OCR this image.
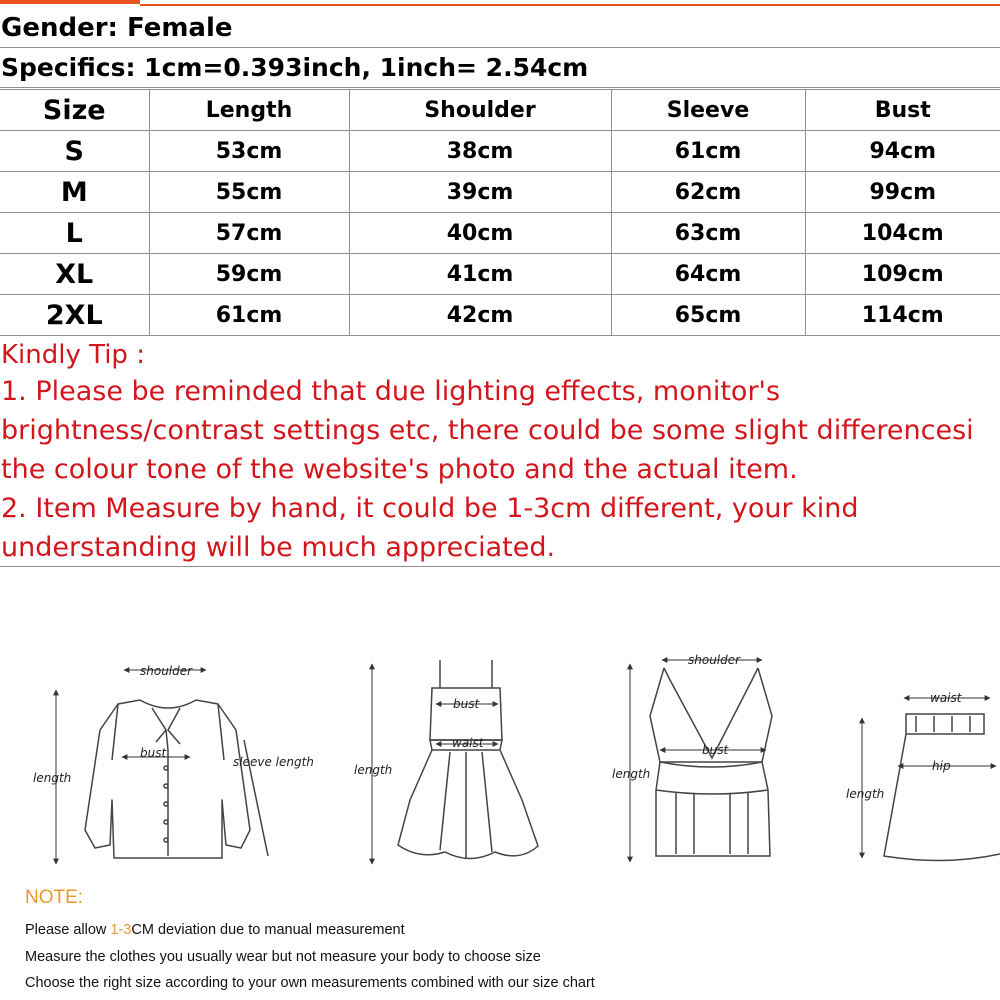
Gender: Female
Specifics: 1cm=0.393inch, 1inch= 2.54cm
Size	Length	Shoulder	Sleeve	Bust
S	53cm	38cm	61cm	94cm
M	55cm	39cm	62cm	99cm
L	57cm	40cm	63cm	104cm
XL	59cm	41cm	64cm	109cm
2XL	61cm	42cm	65cm	114cm
Kindly Tip :
1. Please be reminded that due lighting effects, monitor's
brightness/contrast settings etc, there could be some slight differencesi
the colour tone of the website's photo and the actual item.
2. Item Measure by hand, it could be 1-3cm different, your kind
understanding will be much appreciated.
shoulder
bust
sleeve length
length
bust
waist
length
shoulder
bust
length
waist
hip
length
NOTE:
Please allow 1-3CM deviation due to manual measurement
Measure the clothes you usually wear but not measure your body to choose size
Choose the right size according to your own measurements combined with our size chart
